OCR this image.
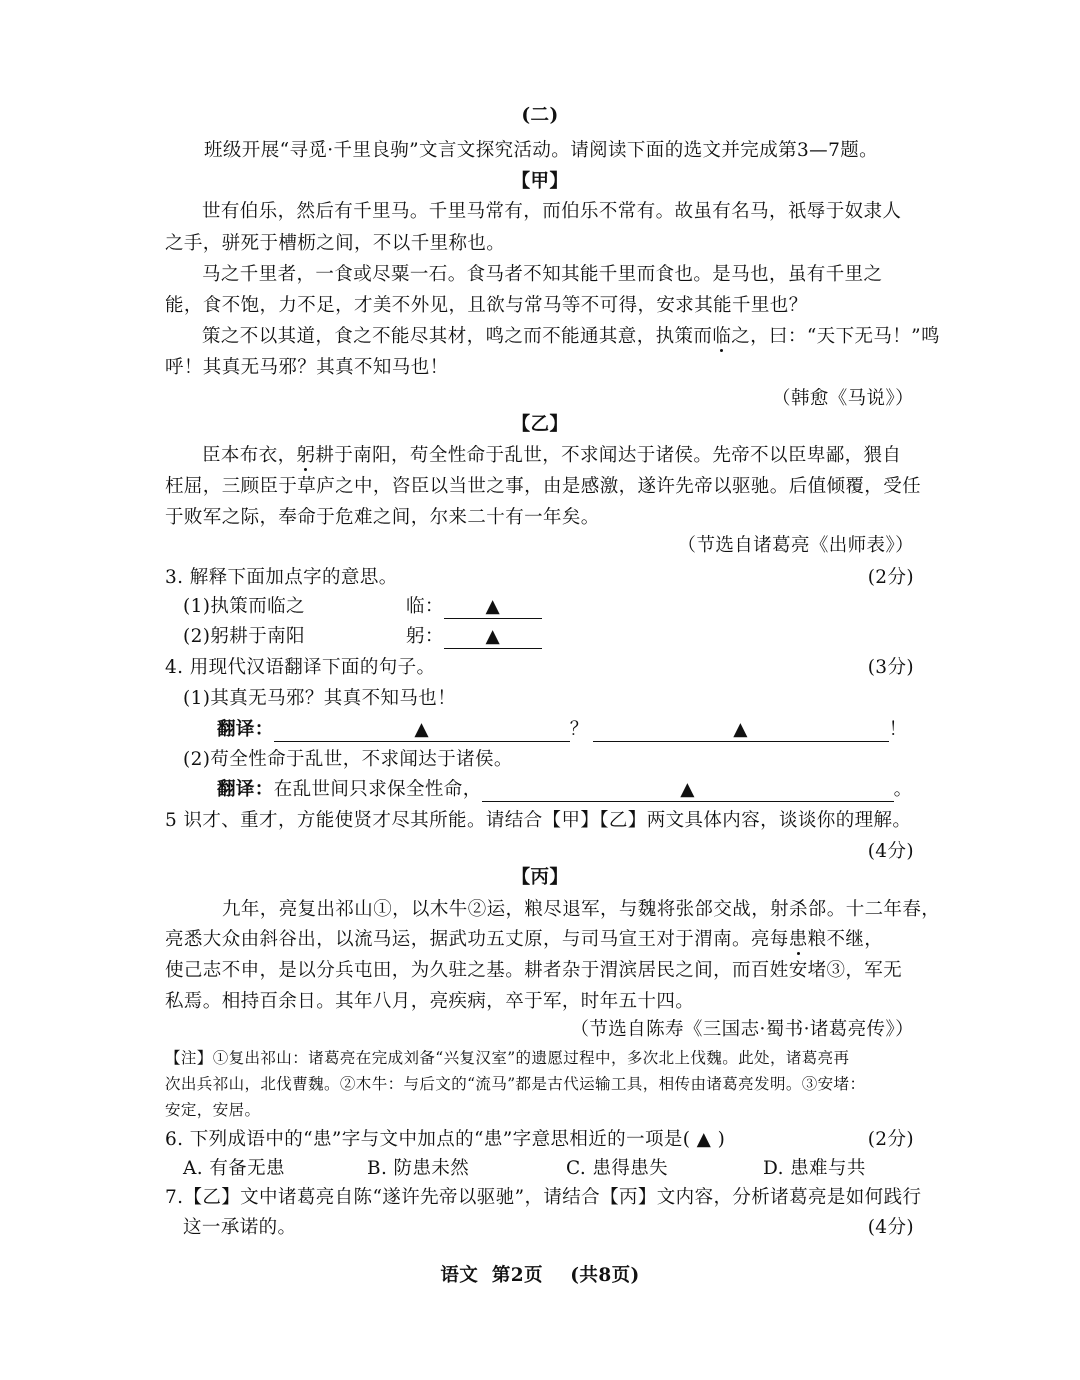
(二)
班级开展“寻觅·千里良驹”文言文探究活动。请阅读下面的选文并完成第3—7题。
【甲】
世有伯乐，然后有千里马。千里马常有，而伯乐不常有。故虽有名马，祇辱于奴隶人
之手，骈死于槽枥之间，不以千里称也。
马之千里者，一食或尽粟一石。食马者不知其能千里而食也。是马也，虽有千里之
能，食不饱，力不足，才美不外见，且欲与常马等不可得，安求其能千里也？
策之不以其道，食之不能尽其材，鸣之而不能通其意，执策而临之，曰：“天下无马！”鸣
呼！其真无马邪？其真不知马也！
（韩愈《马说》）
【乙】
臣本布衣，躬耕于南阳，苟全性命于乱世，不求闻达于诸侯。先帝不以臣卑鄙，猥自
枉屈，三顾臣于草庐之中，咨臣以当世之事，由是感激，遂许先帝以驱驰。后值倾覆，受任
于败军之际，奉命于危难之间，尔来二十有一年矣。
（节选自诸葛亮《出师表》）
3. 解释下面加点字的意思。	(2分)
(1)执策而临之	临： ▲
(2)躬耕于南阳	躬： ▲
4. 用现代汉语翻译下面的句子。	(3分)
(1)其真无马邪？其真不知马也！
翻译：	▲	？	▲	！
(2)苟全性命于乱世，不求闻达于诸侯。
翻译：在乱世间只求保全性命，	▲	。
5 识才、重才，方能使贤才尽其所能。请结合【甲】【乙】两文具体内容，谈谈你的理解。
(4分)
【丙】
九年，亮复出祁山①，以木牛②运，粮尽退军，与魏将张郃交战，射杀郃。十二年春，
亮悉大众由斜谷出，以流马运，据武功五丈原，与司马宣王对于渭南。亮每患粮不继，
使己志不申，是以分兵屯田，为久驻之基。耕者杂于渭滨居民之间，而百姓安堵③，军无
私焉。相持百余日。其年八月，亮疾病，卒于军，时年五十四。
（节选自陈寿《三国志·蜀书·诸葛亮传》）
【注】①复出祁山：诸葛亮在完成刘备“兴复汉室”的遗愿过程中，多次北上伐魏。此处，诸葛亮再
次出兵祁山，北伐曹魏。②木牛：与后文的“流马”都是古代运输工具，相传由诸葛亮发明。③安堵：
安定，安居。
6. 下列成语中的“患”字与文中加点的“患”字意思相近的一项是( ▲ )	(2分)
A. 有备无患	B. 防患未然	C. 患得患失	D. 患难与共
7.【乙】文中诸葛亮自陈“遂许先帝以驱驰”，请结合【丙】文内容，分析诸葛亮是如何践行
这一承诺的。	(4分)
语文  第2页    (共8页)
